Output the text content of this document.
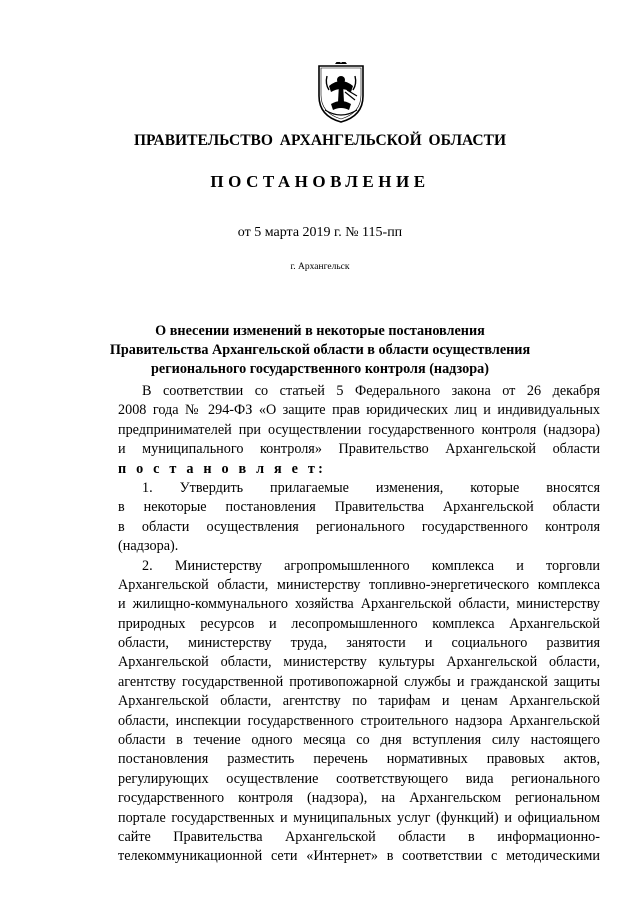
ПРАВИТЕЛЬСТВО АРХАНГЕЛЬСКОЙ ОБЛАСТИ
ПОСТАНОВЛЕНИЕ
от 5 марта 2019 г. № 115-пп
г. Архангельск
О внесении изменений в некоторые постановления
Правительства Архангельской области в области осуществления
регионального государственного контроля (надзора)
В соответствии со статьей 5 Федерального закона от 26 декабря
2008 года № 294-ФЗ «О защите прав юридических лиц и индивидуальных
предпринимателей при осуществлении государственного контроля (надзора)
и муниципального контроля» Правительство Архангельской области
п о с т а н о в л я е т:
1. Утвердить прилагаемые изменения, которые вносятся
в некоторые постановления Правительства Архангельской области
в области осуществления регионального государственного контроля
(надзора).
2. Министерству агропромышленного комплекса и торговли
Архангельской области, министерству топливно-энергетического комплекса
и жилищно-коммунального хозяйства Архангельской области, министерству
природных ресурсов и лесопромышленного комплекса Архангельской
области, министерству труда, занятости и социального развития
Архангельской области, министерству культуры Архангельской области,
агентству государственной противопожарной службы и гражданской защиты
Архангельской области, агентству по тарифам и ценам Архангельской
области, инспекции государственного строительного надзора Архангельской
области в течение одного месяца со дня вступления силу настоящего
постановления разместить перечень нормативных правовых актов,
регулирующих осуществление соответствующего вида регионального
государственного контроля (надзора), на Архангельском региональном
портале государственных и муниципальных услуг (функций) и официальном
сайте Правительства Архангельской области в информационно-
телекоммуникационной сети «Интернет» в соответствии с методическими
